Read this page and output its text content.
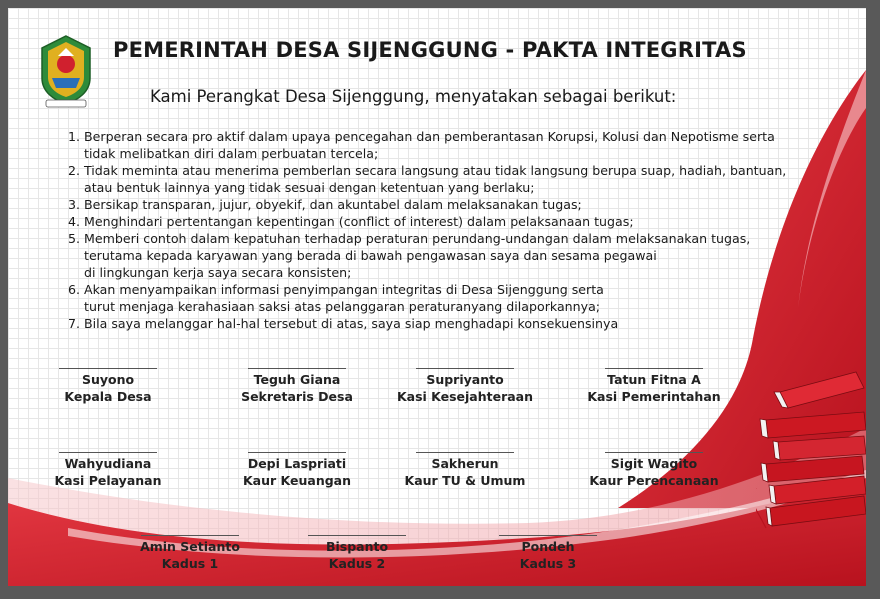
PEMERINTAH DESA SIJENGGUNG - PAKTA INTEGRITAS
Kami Perangkat Desa Sijenggung, menyatakan sebagai berikut:
1. Berperan secara pro aktif dalam upaya pencegahan dan pemberantasan Korupsi, Kolusi dan Nepotisme serta
tidak melibatkan diri dalam perbuatan tercela;
2. Tidak meminta atau menerima pemberlan secara langsung atau tidak langsung berupa suap, hadiah, bantuan,
atau bentuk lainnya yang tidak sesuai dengan ketentuan yang berlaku;
3. Bersikap transparan, jujur, obyekif, dan akuntabel dalam melaksanakan tugas;
4. Menghindari pertentangan kepentingan (conflict of interest) dalam pelaksanaan tugas;
5. Memberi contoh dalam kepatuhan terhadap peraturan perundang-undangan dalam melaksanakan tugas,
terutama kepada karyawan yang berada di bawah pengawasan saya dan sesama pegawai
di lingkungan kerja saya secara konsisten;
6. Akan menyampaikan informasi penyimpangan integritas di Desa Sijenggung serta
turut menjaga kerahasiaan saksi atas pelanggaran peraturanyang dilaporkannya;
7. Bila saya melanggar hal-hal tersebut di atas, saya siap menghadapi konsekuensinya
Suyono
Kepala Desa
Teguh Giana
Sekretaris Desa
Supriyanto
Kasi Kesejahteraan
Tatun Fitna A
Kasi Pemerintahan
Wahyudiana
Kasi Pelayanan
Depi Laspriati
Kaur Keuangan
Sakherun
Kaur TU & Umum
Sigit Wagito
Kaur Perencanaan
Amin Setianto
Kadus 1
Bispanto
Kadus 2
Pondeh
Kadus 3
